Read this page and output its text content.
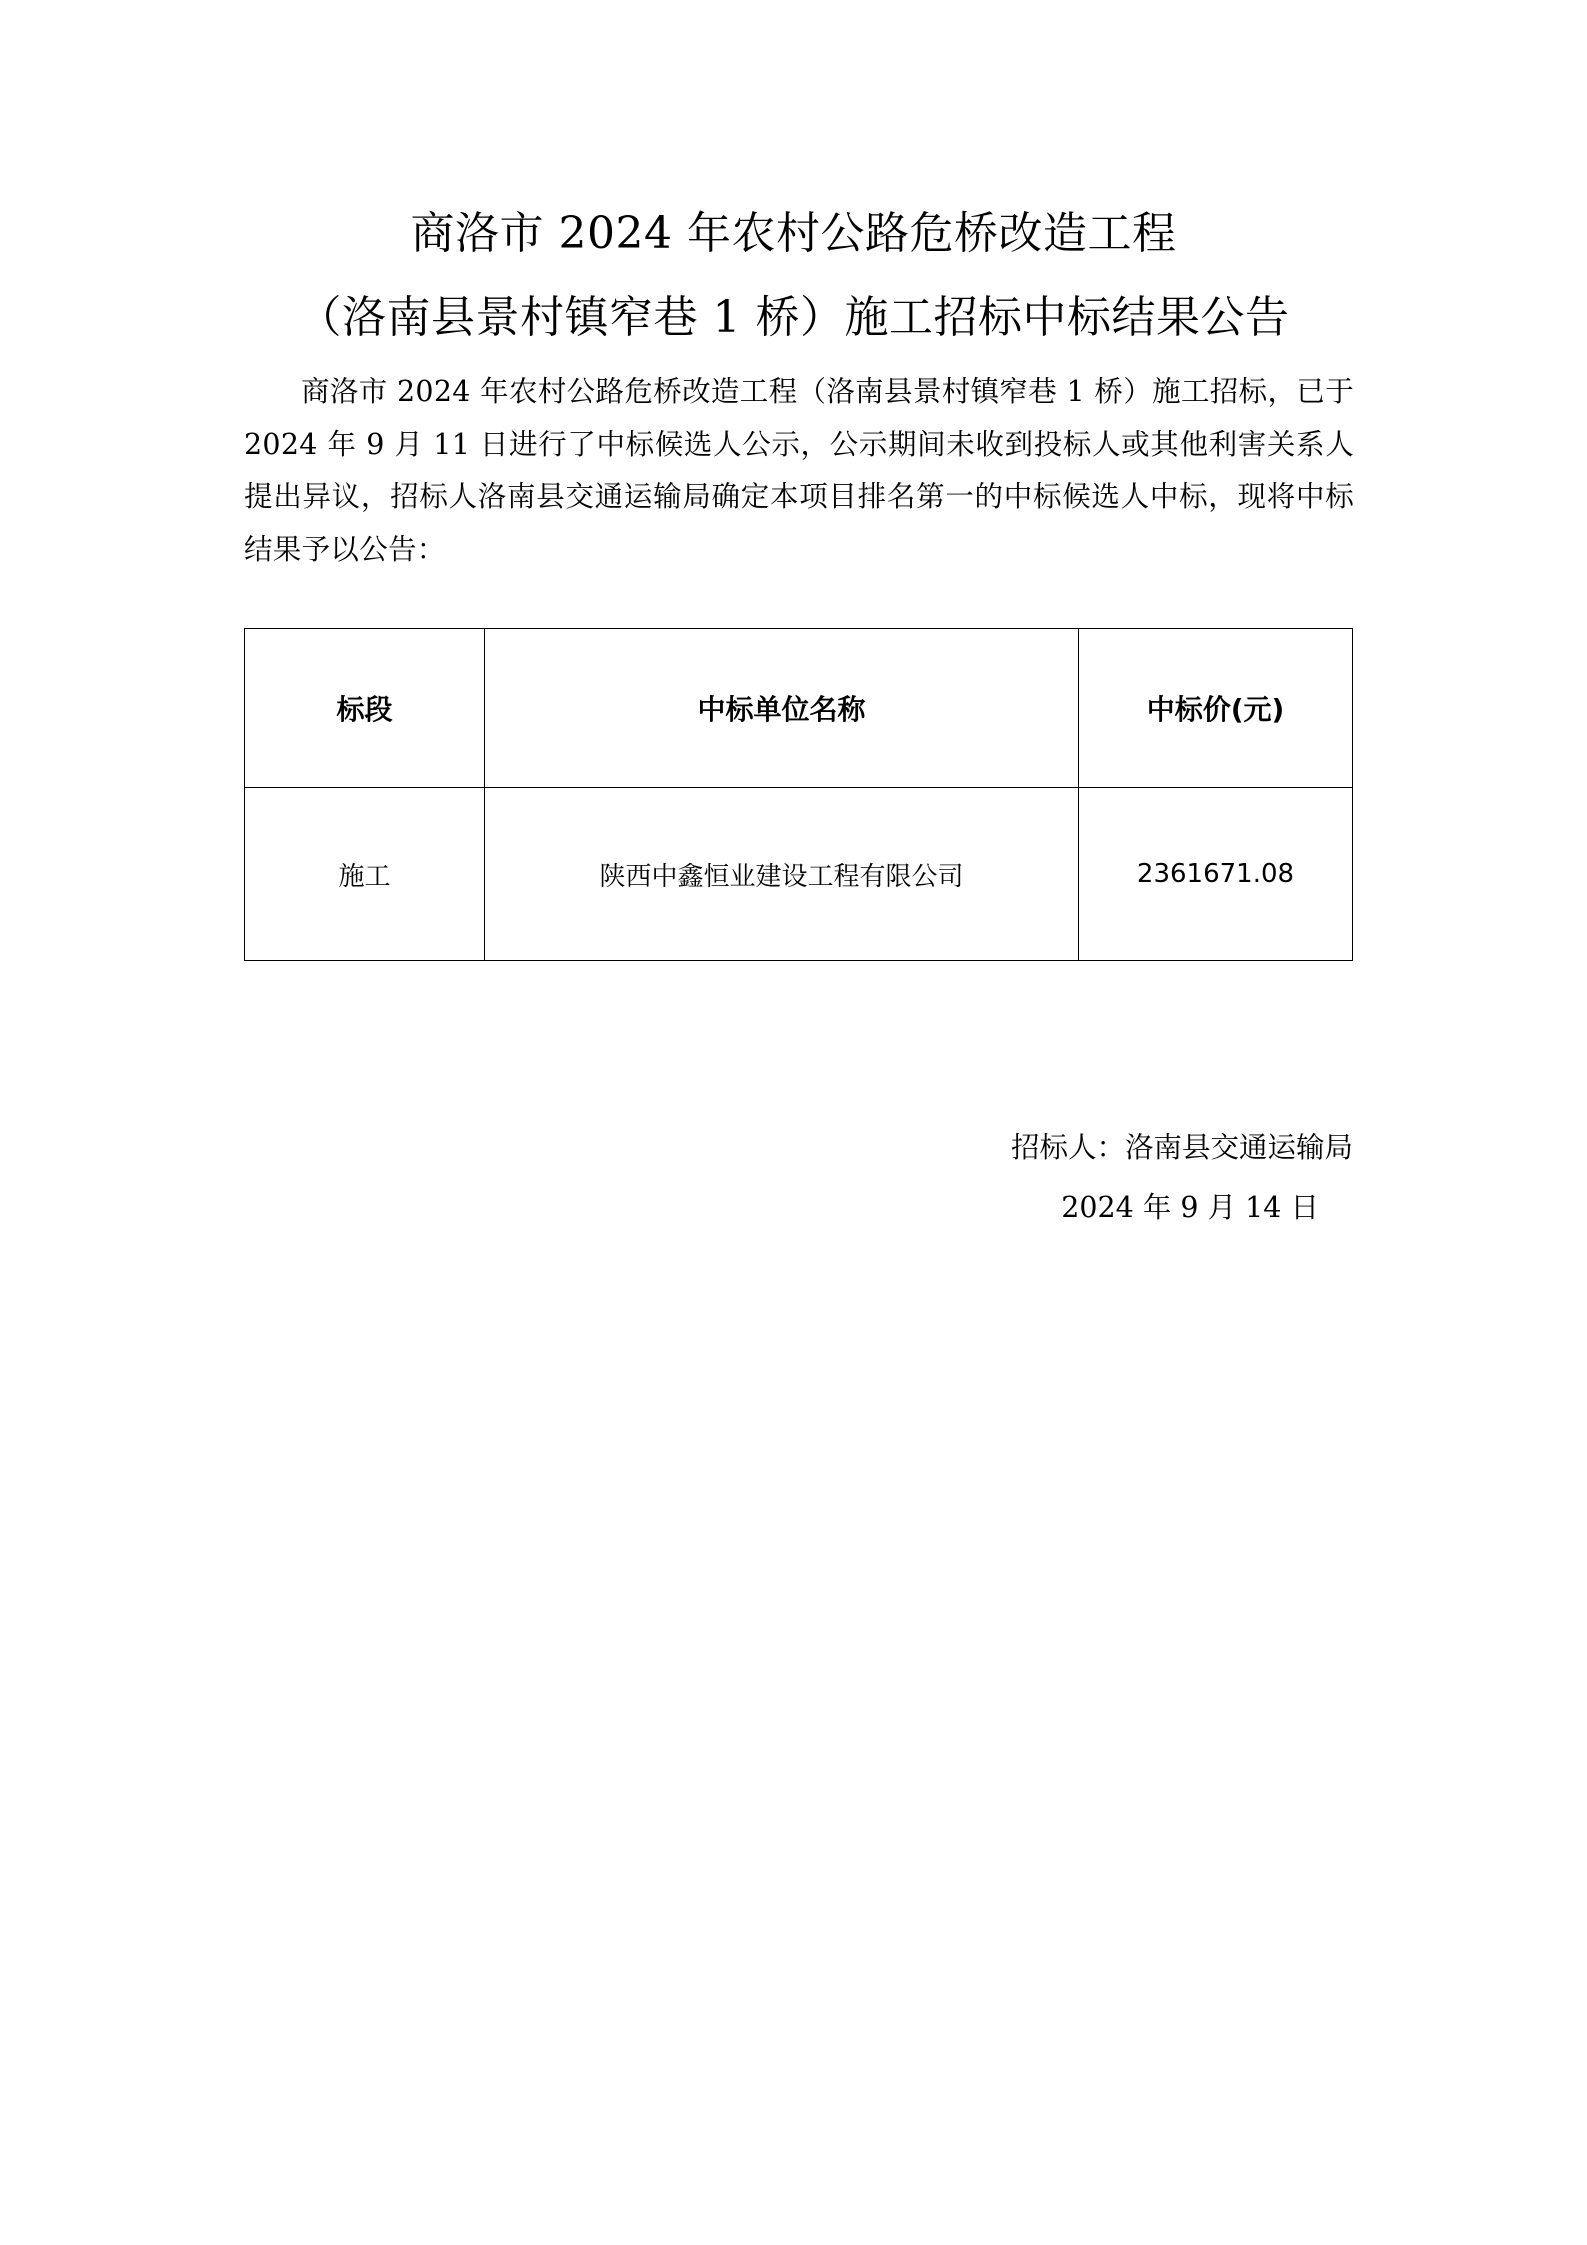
商洛市 2024 年农村公路危桥改造工程
（洛南县景村镇窄巷 1 桥）施工招标中标结果公告
商洛市 2024 年农村公路危桥改造工程（洛南县景村镇窄巷 1 桥）施工招标，已于 2024 年 9 月 11 日进行了中标候选人公示，公示期间未收到投标人或其他利害关系人提出异议，招标人洛南县交通运输局确定本项目排名第一的中标候选人中标，现将中标结果予以公告：
标段	中标单位名称	中标价(元)
施工	陕西中鑫恒业建设工程有限公司	2361671.08
招标人：洛南县交通运输局
2024 年 9 月 14 日
